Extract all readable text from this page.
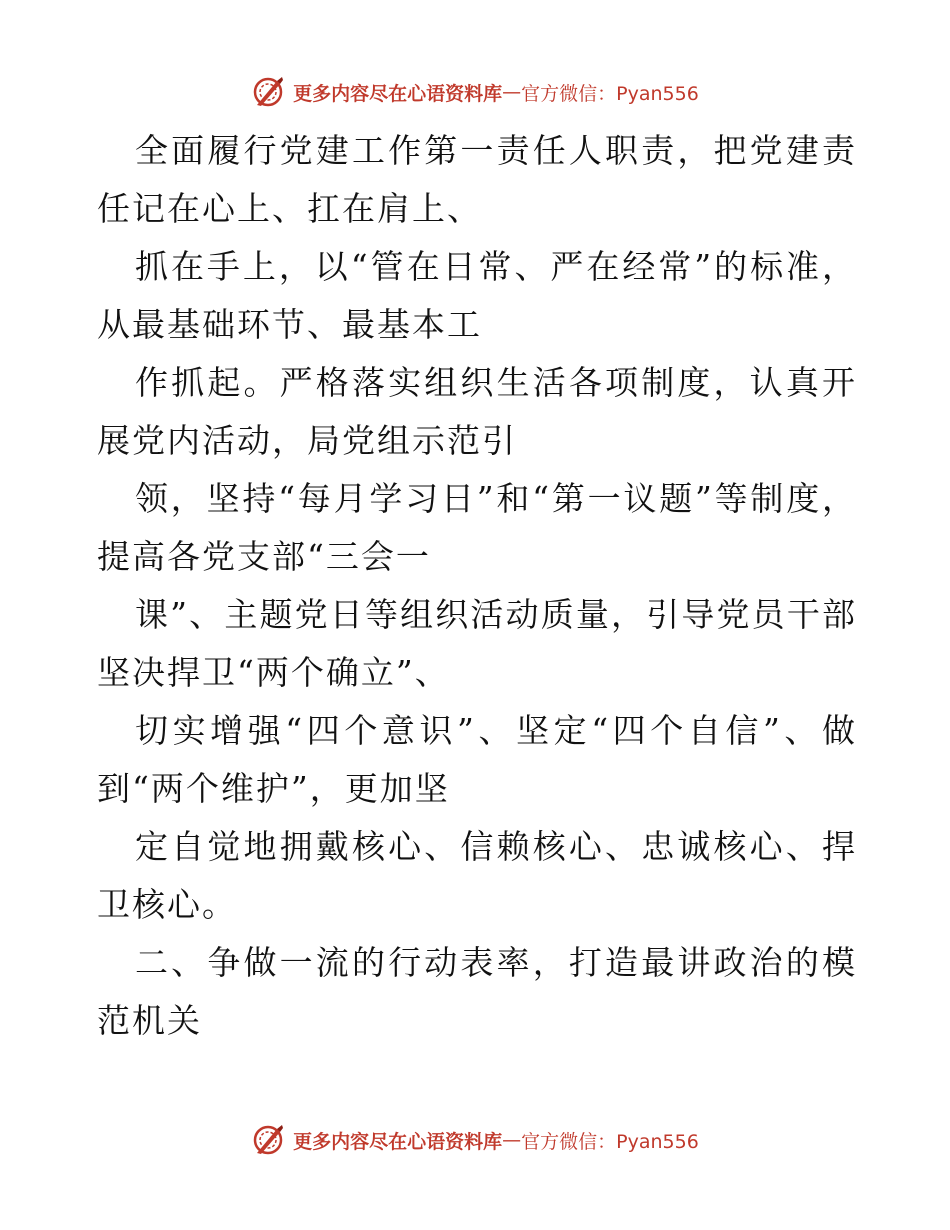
更多内容尽在心语资料库 — 官方微信：Pyan556

全面履行党建工作第一责任人职责，把党建责任记在心上、扛在肩上、

抓在手上，以“管在日常、严在经常”的标准，从最基础环节、最基本工

作抓起。严格落实组织生活各项制度，认真开展党内活动，局党组示范引

领，坚持“每月学习日”和“第一议题”等制度，提高各党支部“三会一

课”、主题党日等组织活动质量，引导党员干部坚决捍卫“两个确立”、

切实增强“四个意识”、坚定“四个自信”、做到“两个维护”，更加坚

定自觉地拥戴核心、信赖核心、忠诚核心、捍卫核心。

二、争做一流的行动表率，打造最讲政治的模范机关

更多内容尽在心语资料库 — 官方微信：Pyan556
